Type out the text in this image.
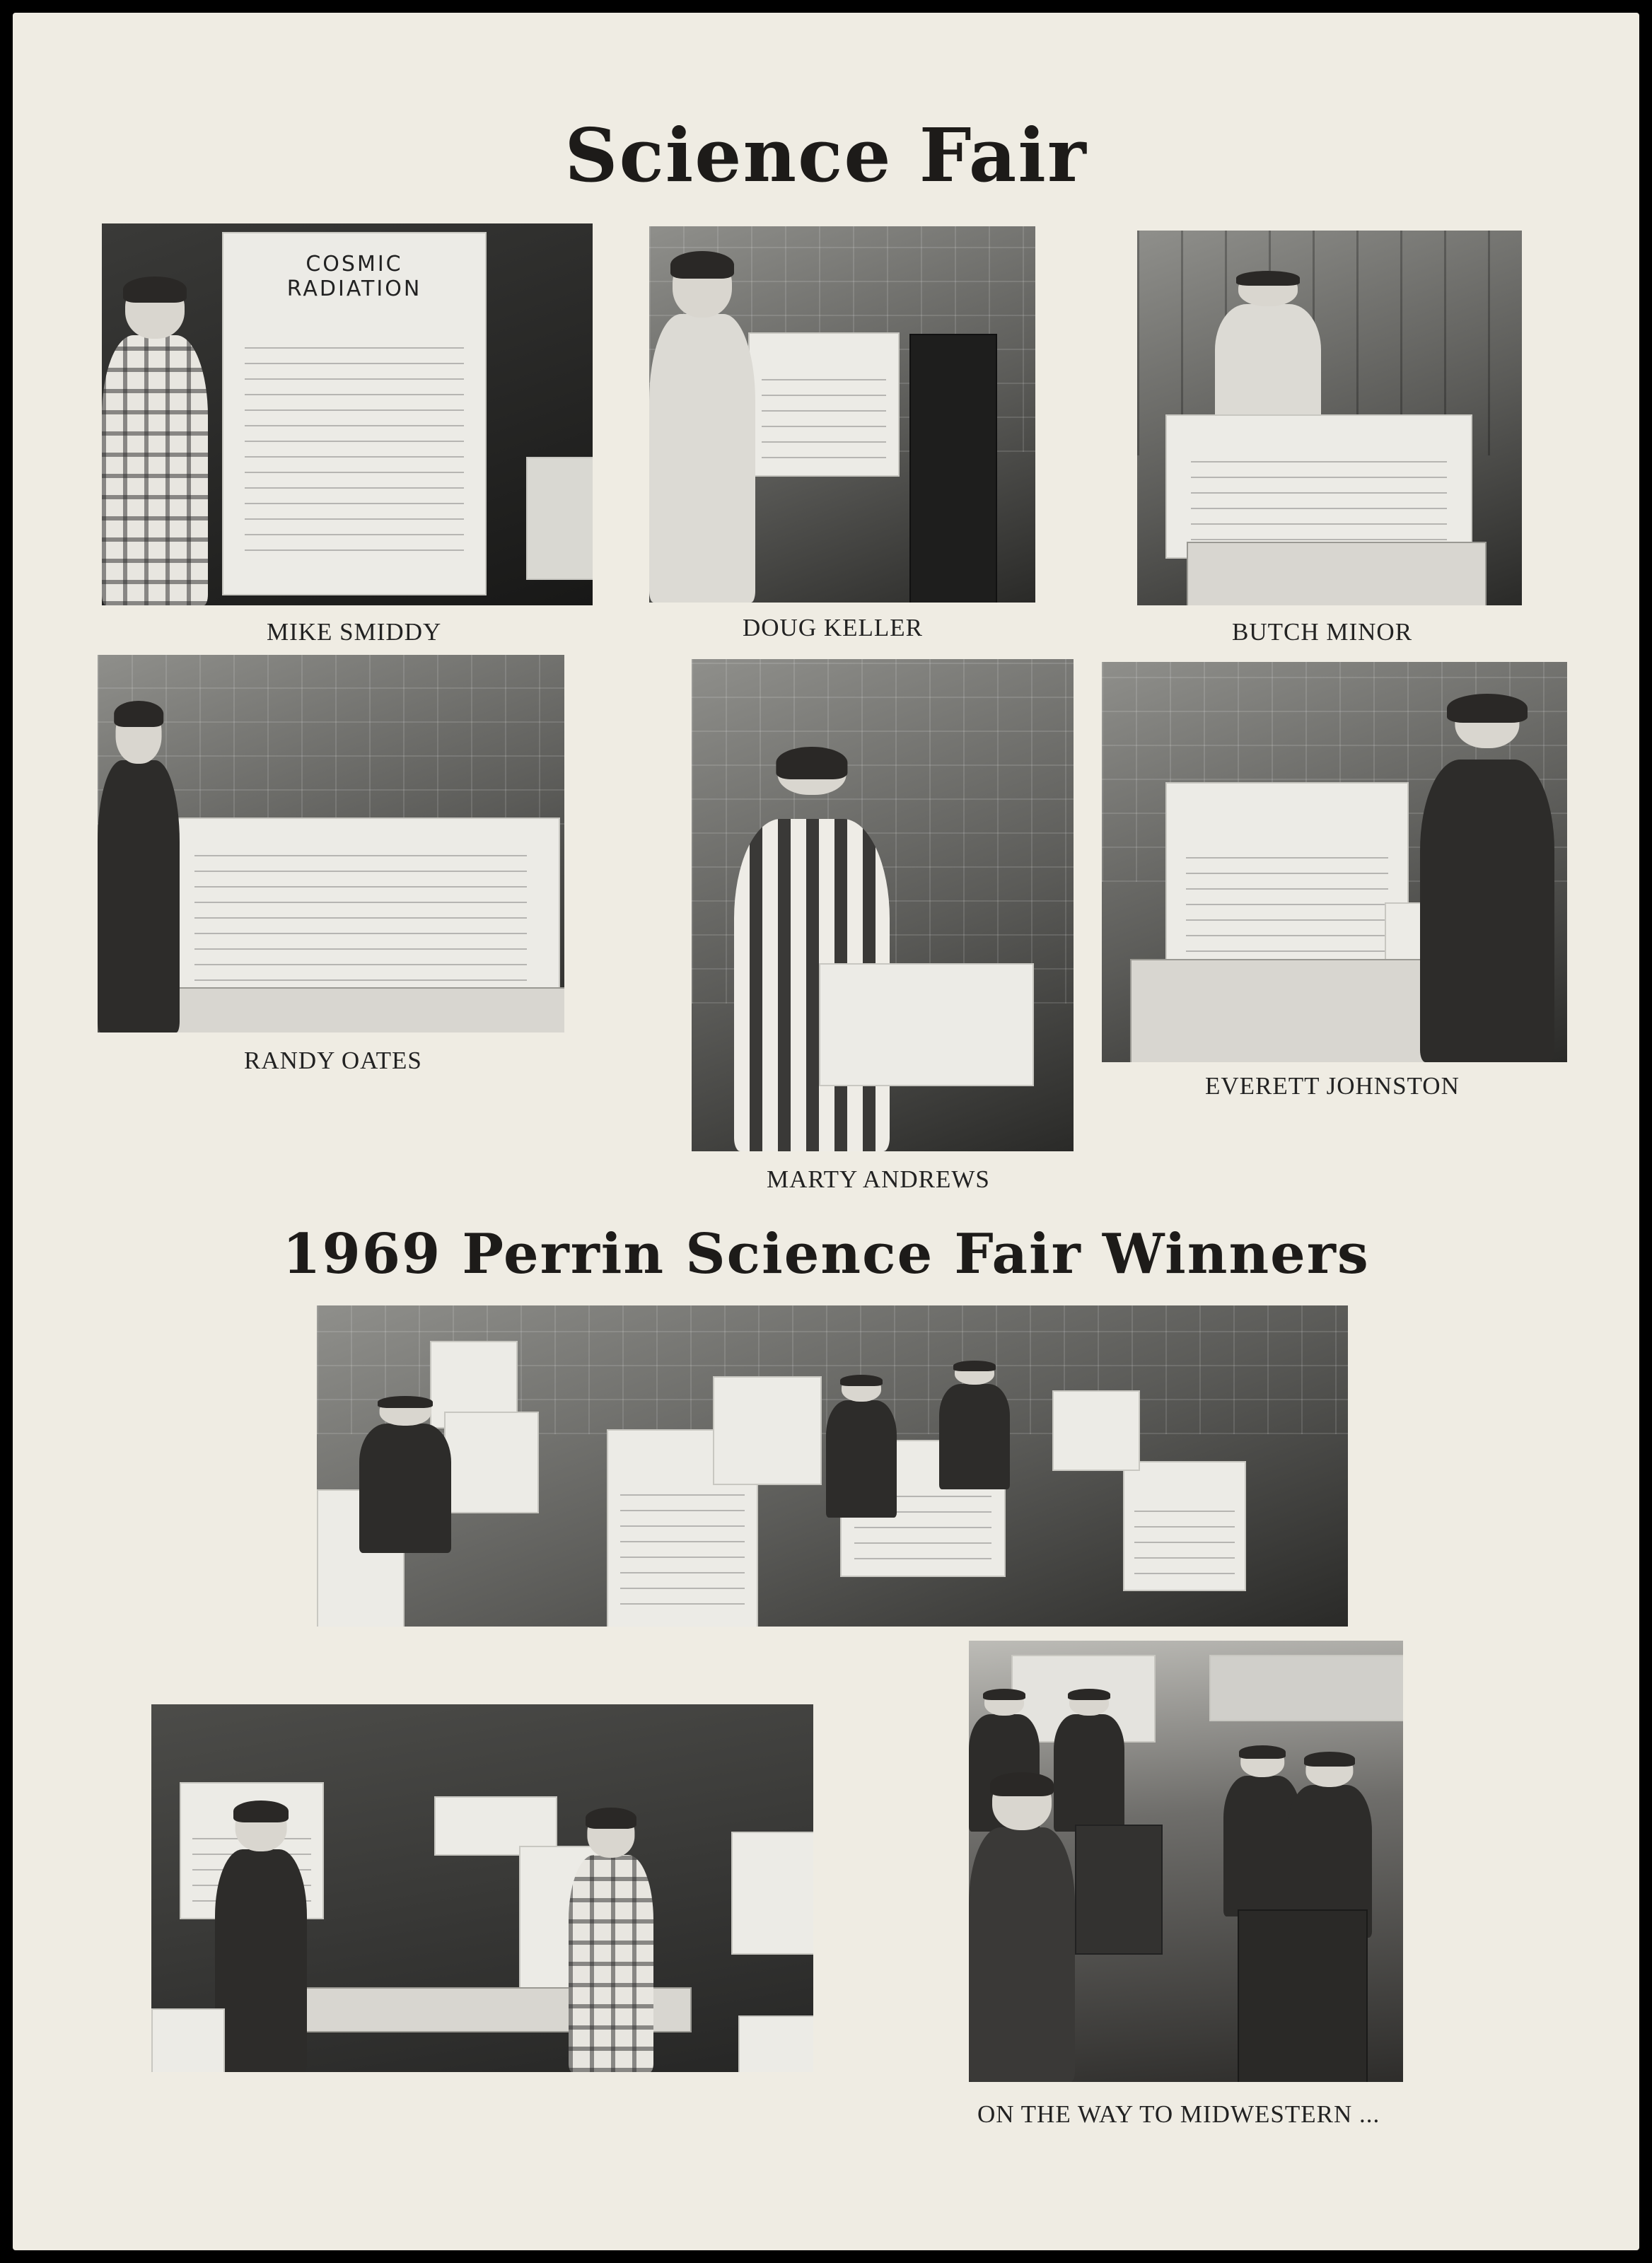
Science Fair
COSMIC RADIATION
MIKE SMIDDY	DOUG KELLER	BUTCH MINOR
RANDY OATES
MARTY ANDREWS
EVERETT JOHNSTON
1969 Perrin Science Fair Winners
ON THE WAY TO MIDWESTERN ...
